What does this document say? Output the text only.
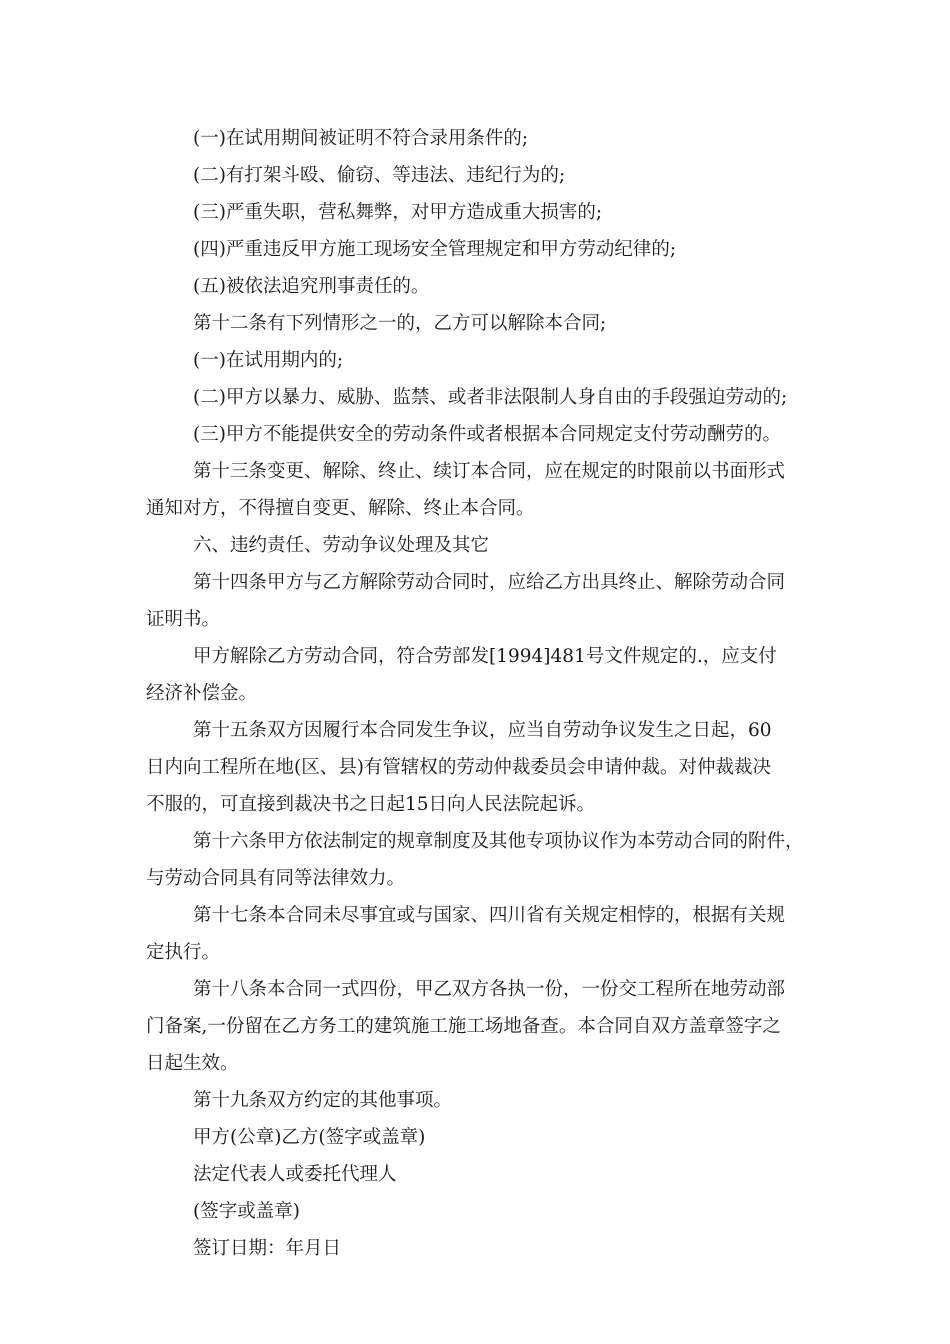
(一)在试用期间被证明不符合录用条件的;
(二)有打架斗殴、偷窃、等违法、违纪行为的;
(三)严重失职，营私舞弊，对甲方造成重大损害的;
(四)严重违反甲方施工现场安全管理规定和甲方劳动纪律的;
(五)被依法追究刑事责任的。
第十二条有下列情形之一的，乙方可以解除本合同;
(一)在试用期内的;
(二)甲方以暴力、威胁、监禁、或者非法限制人身自由的手段强迫劳动的;
(三)甲方不能提供安全的劳动条件或者根据本合同规定支付劳动酬劳的。
第十三条变更、解除、终止、续订本合同，应在规定的时限前以书面形式
通知对方，不得擅自变更、解除、终止本合同。
六、违约责任、劳动争议处理及其它
第十四条甲方与乙方解除劳动合同时，应给乙方出具终止、解除劳动合同
证明书。
甲方解除乙方劳动合同，符合劳部发[1994]481号文件规定的.，应支付
经济补偿金。
第十五条双方因履行本合同发生争议，应当自劳动争议发生之日起，60
日内向工程所在地(区、县)有管辖权的劳动仲裁委员会申请仲裁。对仲裁裁决
不服的，可直接到裁决书之日起15日向人民法院起诉。
第十六条甲方依法制定的规章制度及其他专项协议作为本劳动合同的附件，
与劳动合同具有同等法律效力。
第十七条本合同未尽事宜或与国家、四川省有关规定相悖的，根据有关规
定执行。
第十八条本合同一式四份，甲乙双方各执一份，一份交工程所在地劳动部
门备案,一份留在乙方务工的建筑施工施工场地备查。本合同自双方盖章签字之
日起生效。
第十九条双方约定的其他事项。
甲方(公章)乙方(签字或盖章)
法定代表人或委托代理人
(签字或盖章)
签订日期：年月日
